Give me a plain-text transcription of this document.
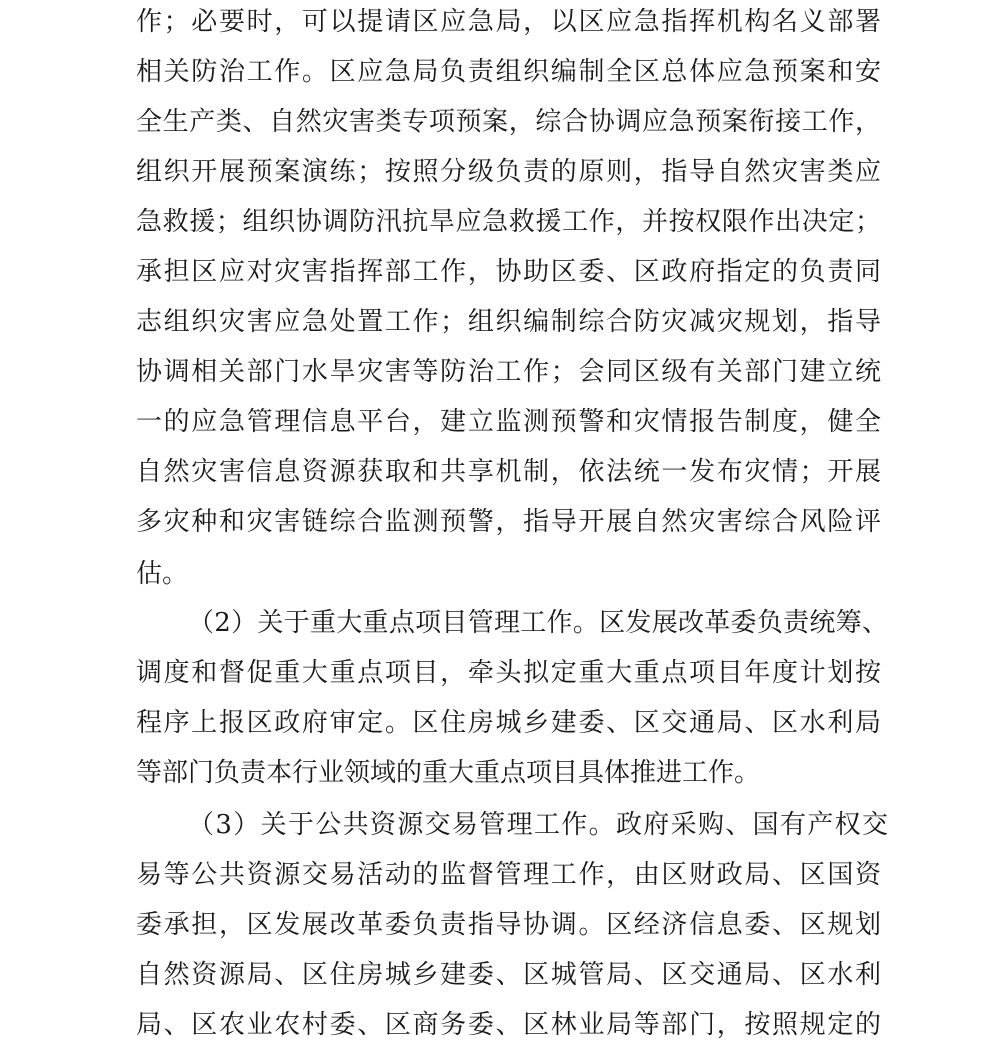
作；必要时，可以提请区应急局，以区应急指挥机构名义部署
相关防治工作。区应急局负责组织编制全区总体应急预案和安
全生产类、自然灾害类专项预案，综合协调应急预案衔接工作，
组织开展预案演练；按照分级负责的原则，指导自然灾害类应
急救援；组织协调防汛抗旱应急救援工作，并按权限作出决定；
承担区应对灾害指挥部工作，协助区委、区政府指定的负责同
志组织灾害应急处置工作；组织编制综合防灾减灾规划，指导
协调相关部门水旱灾害等防治工作；会同区级有关部门建立统
一的应急管理信息平台，建立监测预警和灾情报告制度，健全
自然灾害信息资源获取和共享机制，依法统一发布灾情；开展
多灾种和灾害链综合监测预警，指导开展自然灾害综合风险评
估。
（2）关于重大重点项目管理工作。区发展改革委负责统筹、
调度和督促重大重点项目，牵头拟定重大重点项目年度计划按
程序上报区政府审定。区住房城乡建委、区交通局、区水利局
等部门负责本行业领域的重大重点项目具体推进工作。
（3）关于公共资源交易管理工作。政府采购、国有产权交
易等公共资源交易活动的监督管理工作，由区财政局、区国资
委承担，区发展改革委负责指导协调。区经济信息委、区规划
自然资源局、区住房城乡建委、区城管局、区交通局、区水利
局、区农业农村委、区商务委、区林业局等部门，按照规定的
